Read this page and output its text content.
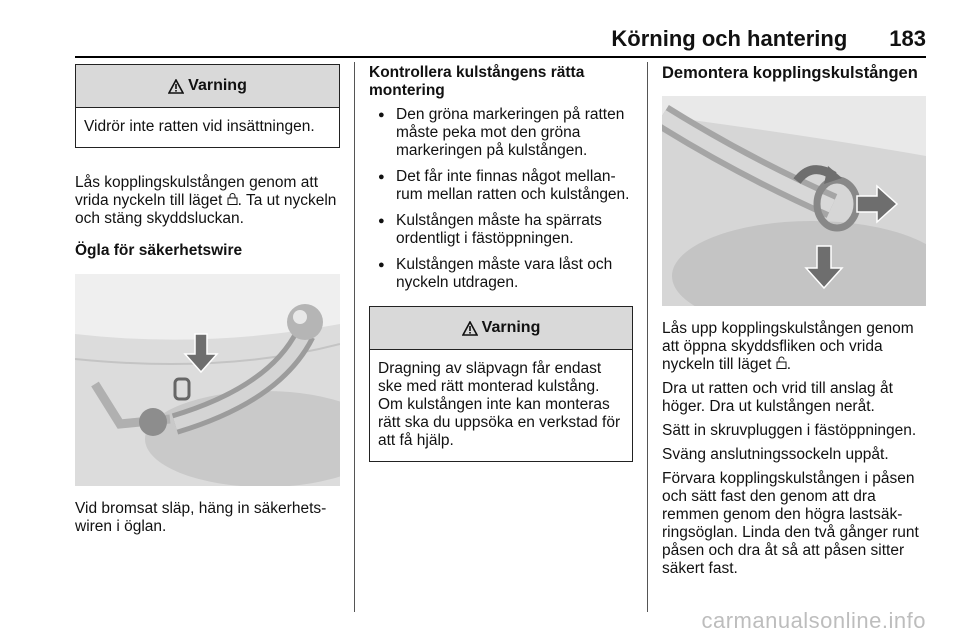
Körning och hantering 183
Varning
Vidrör inte ratten vid insättningen.

Lås kopplingskulstången genom att vrida nyckeln till läget . Ta ut nyckeln och stäng skyddsluckan.

Ögla för säkerhetswire

Vid bromsat släp, häng in säkerhets-wiren i öglan.

Kontrollera kulstångens rätta montering

● Den gröna markeringen på ratten måste peka mot den gröna markeringen på kulstången.
● Det får inte finnas något mellan-rum mellan ratten och kulstången.
● Kulstången måste ha spärrats ordentligt i fästöppningen.
● Kulstången måste vara låst och nyckeln utdragen.
Varning
Dragning av släpvagn får endast ske med rätt monterad kulstång. Om kulstången inte kan monteras rätt ska du uppsöka en verkstad för att få hjälp.

Demontera kopplingskulstången

Lås upp kopplingskulstången genom att öppna skyddsfliken och vrida nyckeln till läget .

Dra ut ratten och vrid till anslag åt höger. Dra ut kulstången neråt.

Sätt in skruvpluggen i fästöppningen.

Sväng anslutningssockeln uppåt.

Förvara kopplingskulstången i påsen och sätt fast den genom att dra remmen genom den högra lastsäk-ringsöglan. Linda den två gånger runt påsen och dra åt så att påsen sitter säkert fast.

carmanualsonline.info
